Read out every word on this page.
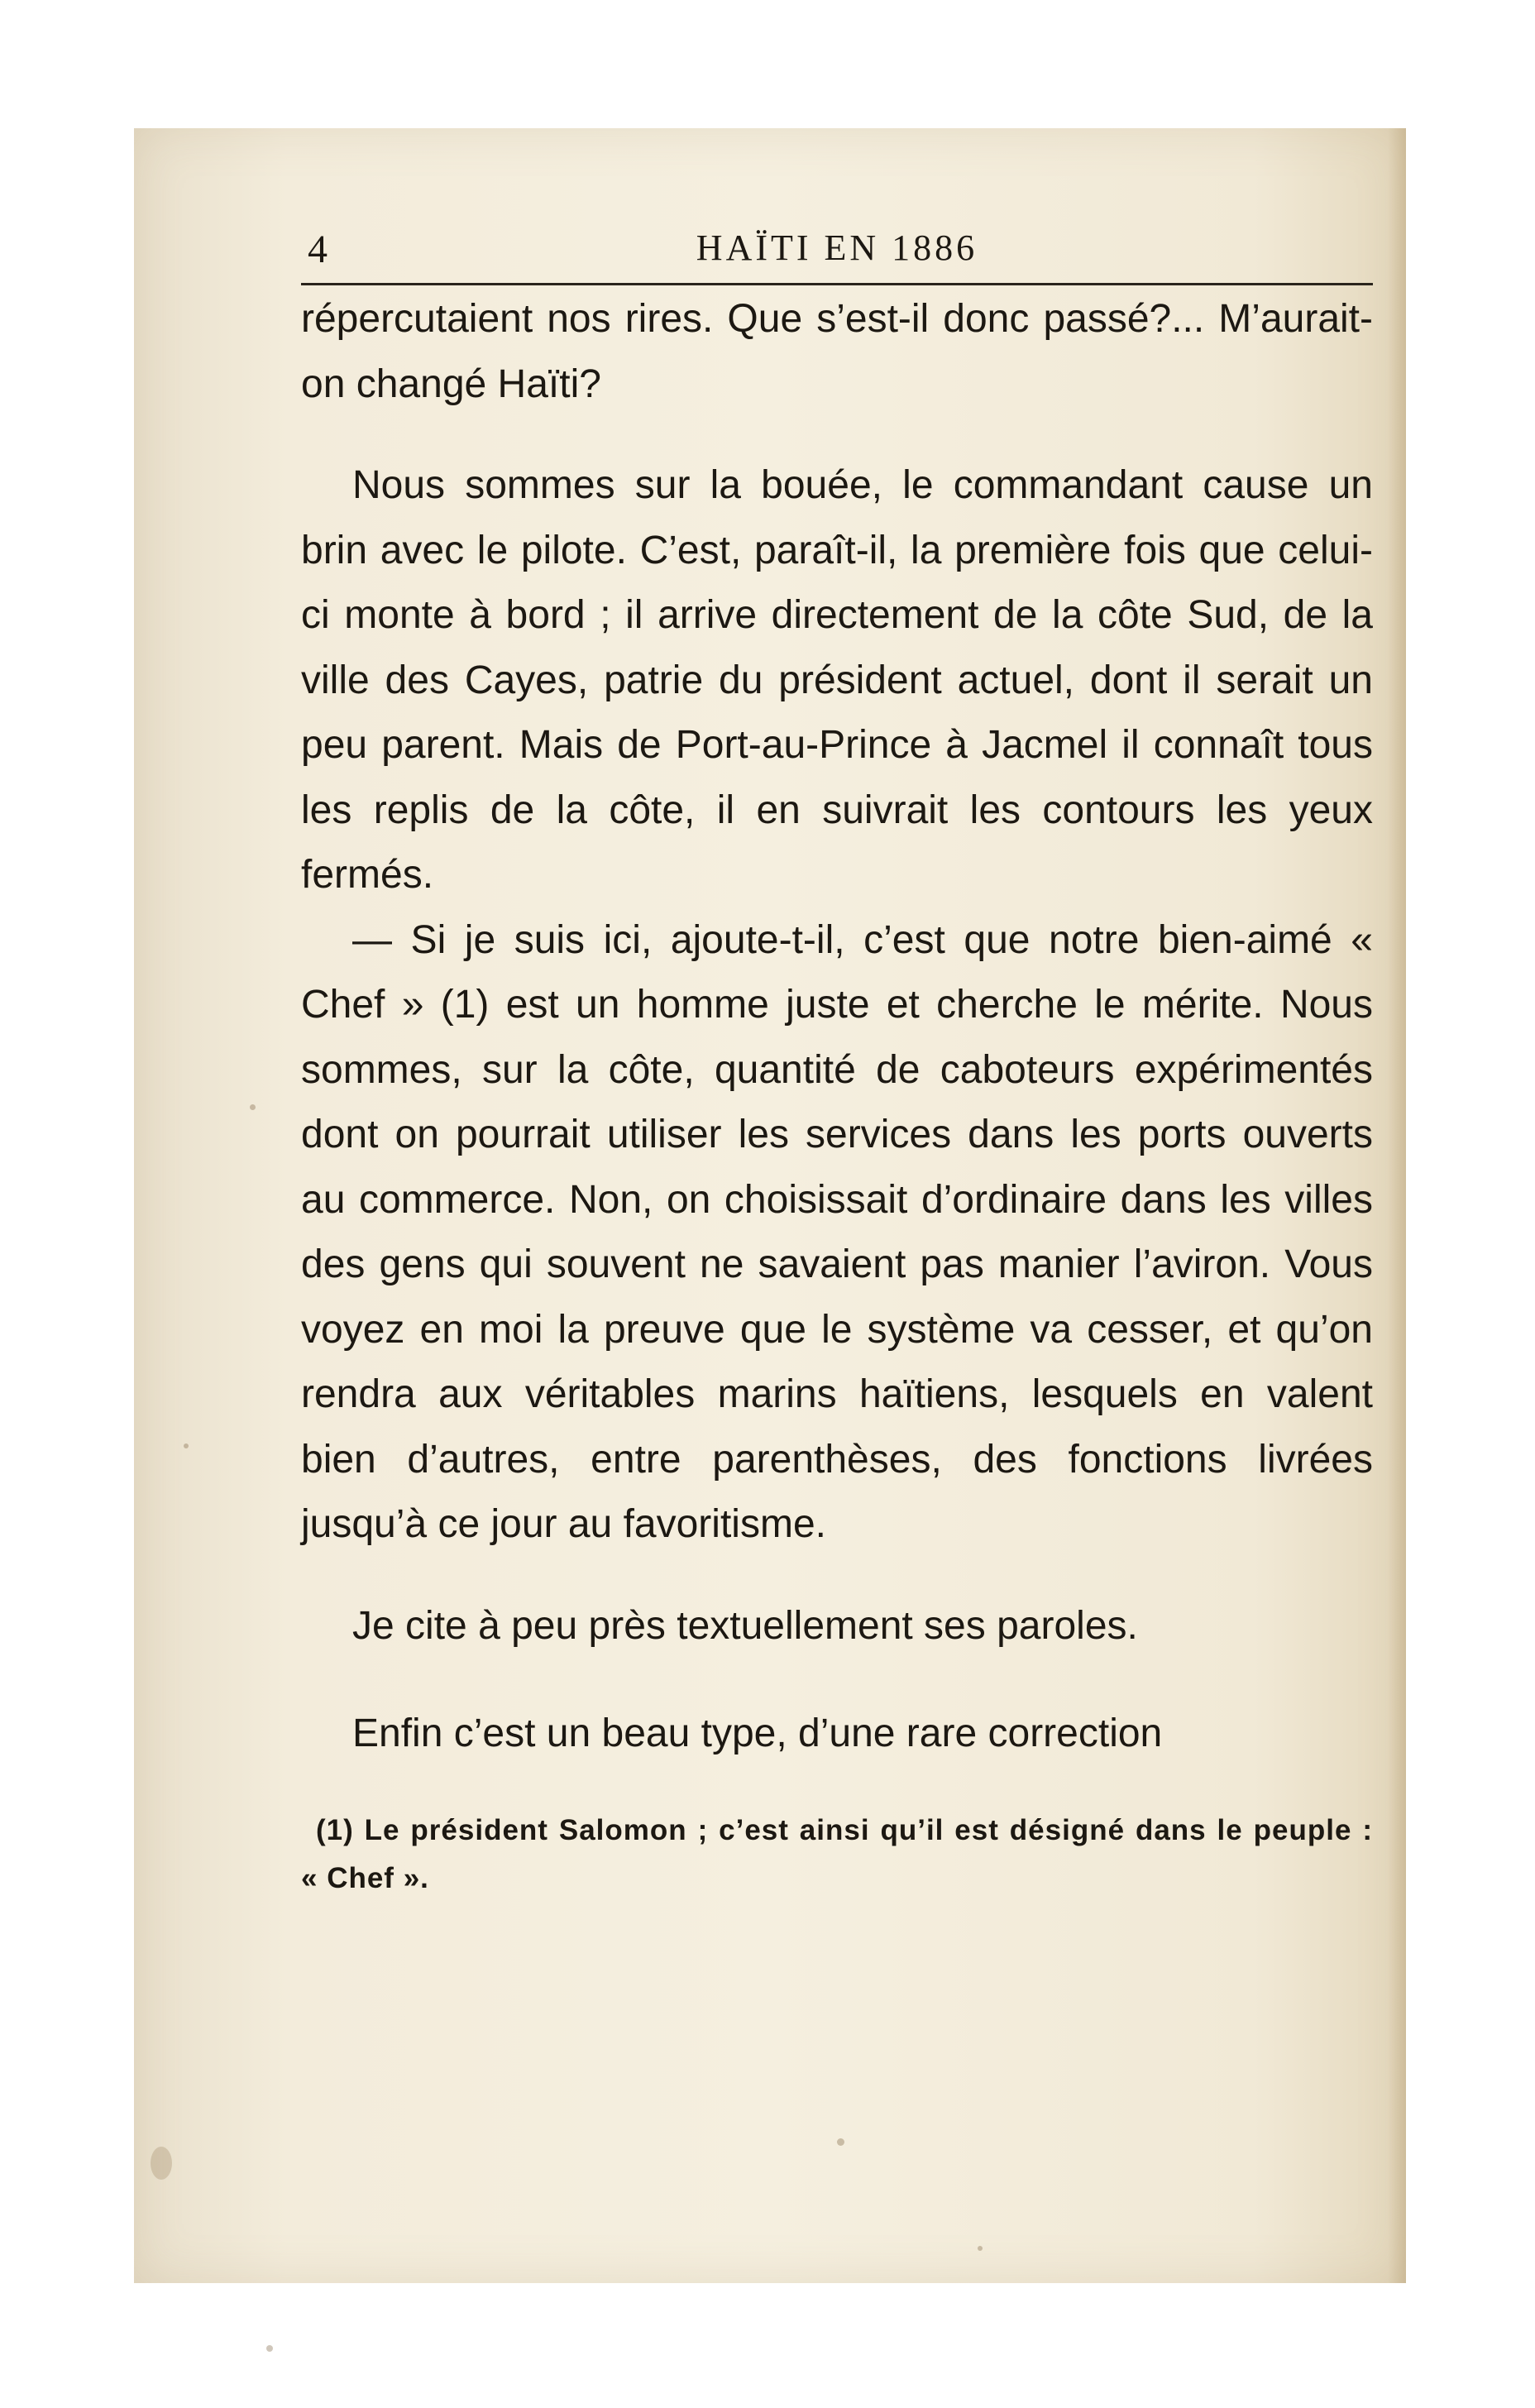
4	HAÏTI EN 1886

répercutaient nos rires. Que s’est-il donc passé?... M’aurait-on changé Haïti?

Nous sommes sur la bouée, le commandant cause un brin avec le pilote. C’est, paraît-il, la première fois que celui-ci monte à bord ; il arrive directement de la côte Sud, de la ville des Cayes, patrie du président actuel, dont il serait un peu parent. Mais de Port-au-Prince à Jacmel il connaît tous les replis de la côte, il en suivrait les contours les yeux fermés.

— Si je suis ici, ajoute-t-il, c’est que notre bien-aimé « Chef » (1) est un homme juste et cherche le mérite. Nous sommes, sur la côte, quantité de caboteurs expérimentés dont on pourrait utiliser les services dans les ports ouverts au commerce. Non, on choisissait d’ordinaire dans les villes des gens qui souvent ne savaient pas manier l’aviron. Vous voyez en moi la preuve que le système va cesser, et qu’on rendra aux véritables marins haïtiens, lesquels en valent bien d’autres, entre parenthèses, des fonctions livrées jusqu’à ce jour au favoritisme.

Je cite à peu près textuellement ses paroles.

Enfin c’est un beau type, d’une rare correction

(1) Le président Salomon ; c’est ainsi qu’il est désigné dans le peuple : « Chef ».
